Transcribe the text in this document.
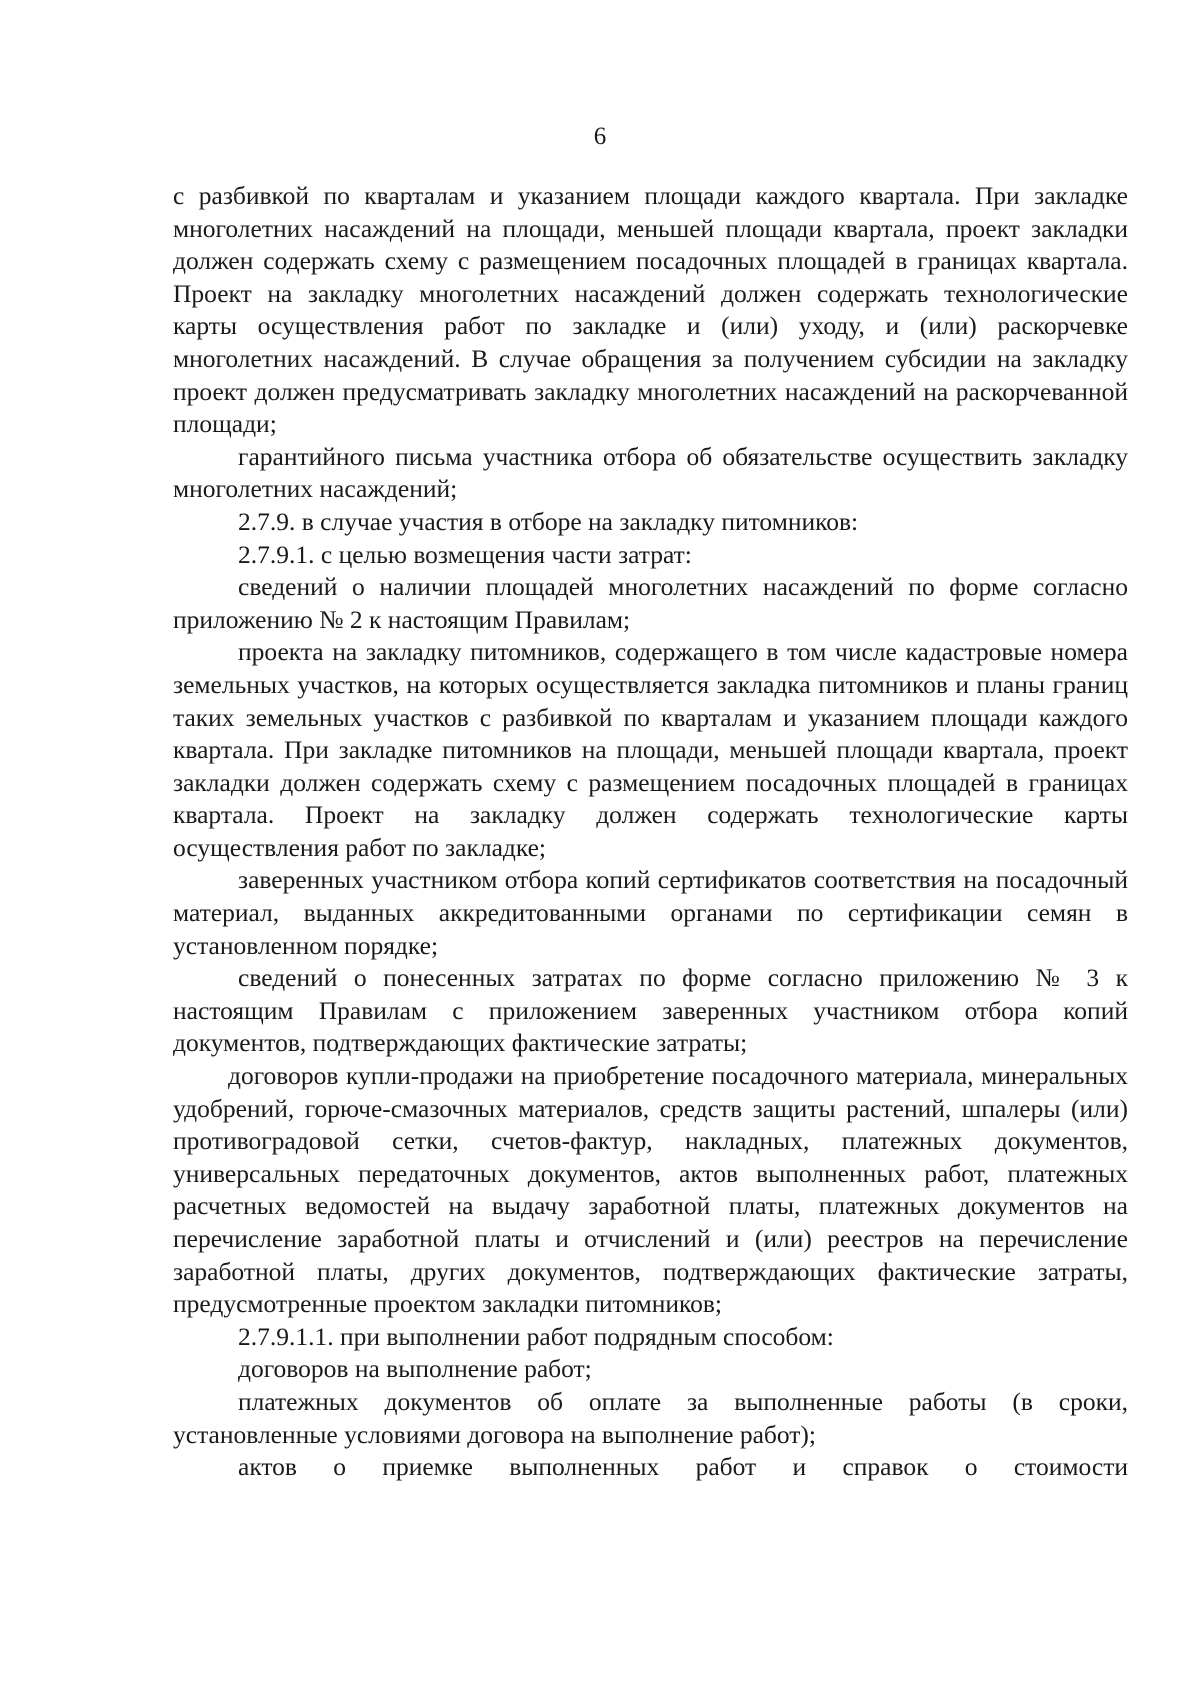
6

с разбивкой по кварталам и указанием площади каждого квартала. При закладке многолетних насаждений на площади, меньшей площади квартала, проект закладки должен содержать схему с размещением посадочных площадей в границах квартала. Проект на закладку многолетних насаждений должен содержать технологические карты осуществления работ по закладке и (или) уходу, и (или) раскорчевке многолетних насаждений. В случае обращения за получением субсидии на закладку проект должен предусматривать закладку многолетних насаждений на раскорчеванной площади;

гарантийного письма участника отбора об обязательстве осуществить закладку многолетних насаждений;

2.7.9. в случае участия в отборе на закладку питомников:

2.7.9.1. с целью возмещения части затрат:

сведений о наличии площадей многолетних насаждений по форме согласно приложению № 2 к настоящим Правилам;

проекта на закладку питомников, содержащего в том числе кадастровые номера земельных участков, на которых осуществляется закладка питомников и планы границ таких земельных участков с разбивкой по кварталам и указанием площади каждого квартала. При закладке питомников на площади, меньшей площади квартала, проект закладки должен содержать схему с размещением посадочных площадей в границах квартала. Проект на закладку должен содержать технологические карты осуществления работ по закладке;

заверенных участником отбора копий сертификатов соответствия на посадочный материал, выданных аккредитованными органами по сертификации семян в установленном порядке;

сведений о понесенных затратах по форме согласно приложению № 3 к настоящим Правилам с приложением заверенных участником отбора копий документов, подтверждающих фактические затраты;

договоров купли-продажи на приобретение посадочного материала, минеральных удобрений, горюче-смазочных материалов, средств защиты растений, шпалеры (или) противоградовой сетки, счетов-фактур, накладных, платежных документов, универсальных передаточных документов, актов выполненных работ, платежных расчетных ведомостей на выдачу заработной платы, платежных документов на перечисление заработной платы и отчислений и (или) реестров на перечисление заработной платы, других документов, подтверждающих фактические затраты, предусмотренные проектом закладки питомников;

2.7.9.1.1. при выполнении работ подрядным способом:

договоров на выполнение работ;

платежных документов об оплате за выполненные работы (в сроки, установленные условиями договора на выполнение работ);

актов о приемке выполненных работ и справок о стоимости
